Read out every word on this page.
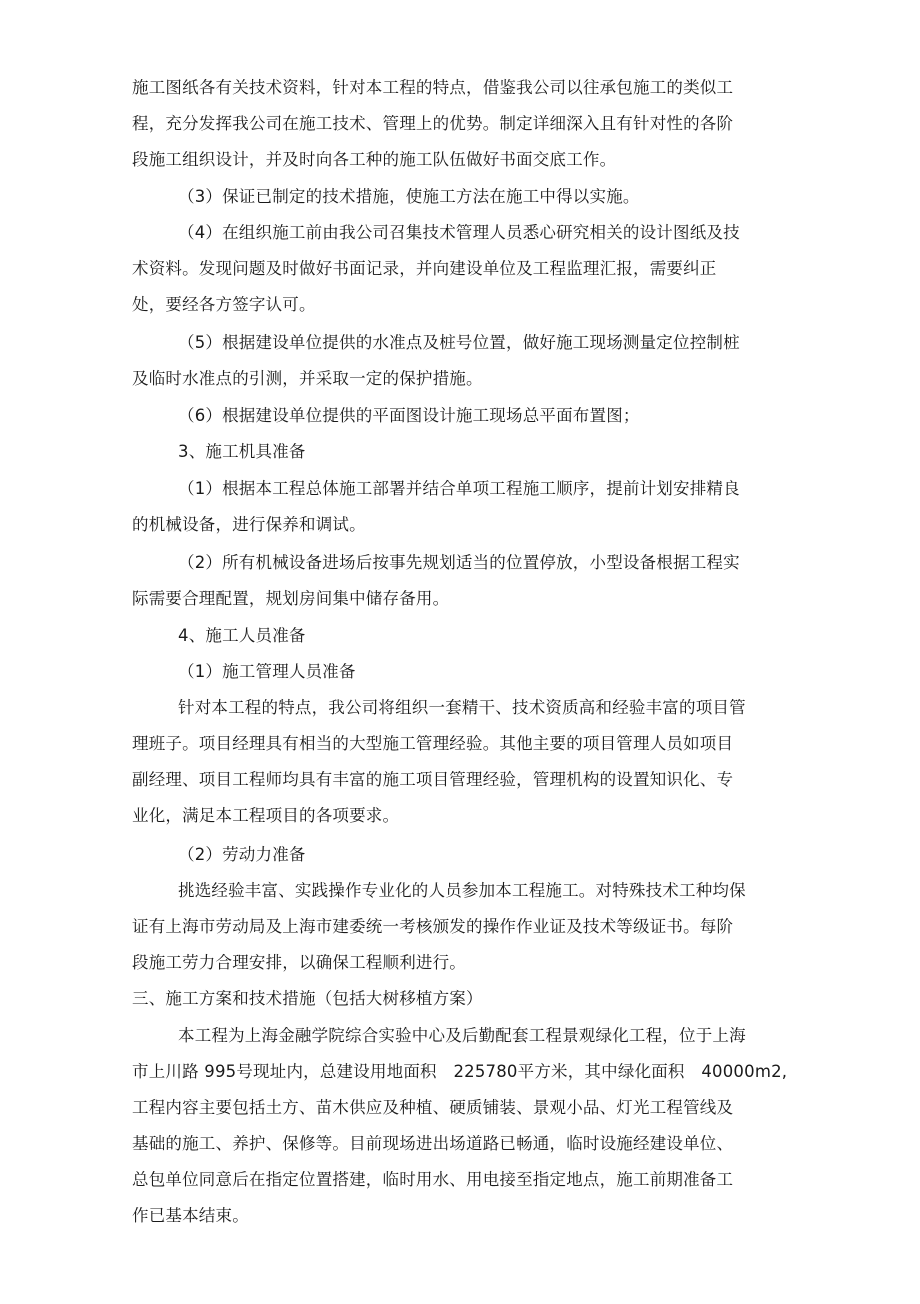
施工图纸各有关技术资料，针对本工程的特点，借鉴我公司以往承包施工的类似工
程，充分发挥我公司在施工技术、管理上的优势。制定详细深入且有针对性的各阶
段施工组织设计，并及时向各工种的施工队伍做好书面交底工作。
（3）保证已制定的技术措施，使施工方法在施工中得以实施。
（4）在组织施工前由我公司召集技术管理人员悉心研究相关的设计图纸及技
术资料。发现问题及时做好书面记录，并向建设单位及工程监理汇报，需要纠正
处，要经各方签字认可。
（5）根据建设单位提供的水准点及桩号位置，做好施工现场测量定位控制桩
及临时水准点的引测，并采取一定的保护措施。
（6）根据建设单位提供的平面图设计施工现场总平面布置图；
3、施工机具准备
（1）根据本工程总体施工部署并结合单项工程施工顺序，提前计划安排精良
的机械设备，进行保养和调试。
（2）所有机械设备进场后按事先规划适当的位置停放，小型设备根据工程实
际需要合理配置，规划房间集中储存备用。
4、施工人员准备
（1）施工管理人员准备
针对本工程的特点，我公司将组织一套精干、技术资质高和经验丰富的项目管
理班子。项目经理具有相当的大型施工管理经验。其他主要的项目管理人员如项目
副经理、项目工程师均具有丰富的施工项目管理经验，管理机构的设置知识化、专
业化，满足本工程项目的各项要求。
（2）劳动力准备
挑选经验丰富、实践操作专业化的人员参加本工程施工。对特殊技术工种均保
证有上海市劳动局及上海市建委统一考核颁发的操作作业证及技术等级证书。每阶
段施工劳力合理安排，以确保工程顺利进行。
三、施工方案和技术措施（包括大树移植方案）
本工程为上海金融学院综合实验中心及后勤配套工程景观绿化工程，位于上海
市上川路 995号现址内，总建设用地面积　225780平方米，其中绿化面积　40000m2,
工程内容主要包括土方、苗木供应及种植、硬质铺装、景观小品、灯光工程管线及
基础的施工、养护、保修等。目前现场进出场道路已畅通，临时设施经建设单位、
总包单位同意后在指定位置搭建，临时用水、用电接至指定地点，施工前期准备工
作已基本结束。
